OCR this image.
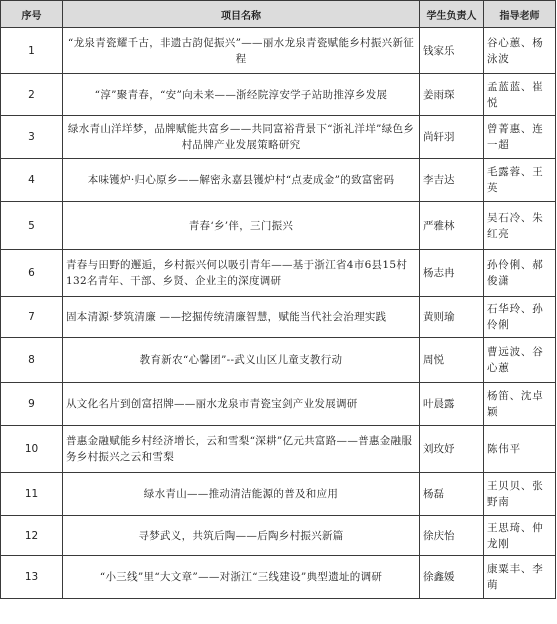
序号	项目名称	学生负责人	指导老师
1	“龙泉青瓷耀千古，非遗古韵促振兴”——丽水龙泉青瓷赋能乡村振兴新征程	钱家乐	谷心蕙、杨泳波
2	“淳”聚青春，“安”向未来——浙经院淳安学子站助推淳乡发展	姜雨琛	孟蓝蓝、崔悦
3	绿水青山洋垟梦，品牌赋能共富乡——共同富裕背景下“浙礼洋垟”绿色乡村品牌产业发展策略研究	尚轩羽	曾菁惠、连一超
4	本味镬炉·归心原乡——解密永嘉县镬炉村“点麦成金”的致富密码	李吉达	毛露蓉、王英
5	青春‘乡’伴，三门振兴	严雅林	吴石冷、朱红亮
6	青春与田野的邂逅，乡村振兴何以吸引青年——基于浙江省4市6县15村132名青年、干部、乡贤、企业主的深度调研	杨志冉	孙伶俐、郝俊潇
7	固本清源·梦筑清廉 ——挖掘传统清廉智慧，赋能当代社会治理实践	黄则瑜	石华玲、孙伶俐
8	教育新农“心馨团”--武义山区儿童支教行动	周悦	曹远波、谷心蕙
9	从文化名片到创富招牌——丽水龙泉市青瓷宝剑产业发展调研	叶晨露	杨笛、沈卓颖
10	普惠金融赋能乡村经济增长，云和雪梨“深耕”亿元共富路——普惠金融服务乡村振兴之云和雪梨	刘玫妤	陈伟平
11	绿水青山——推动清洁能源的普及和应用	杨磊	王贝贝、张野南
12	寻梦武义，共筑后陶——后陶乡村振兴新篇	徐庆怡	王思琦、仲龙刚
13	“小三线”里“大文章”——对浙江“三线建设”典型遗址的调研	徐鑫媛	康粟丰、李萌
